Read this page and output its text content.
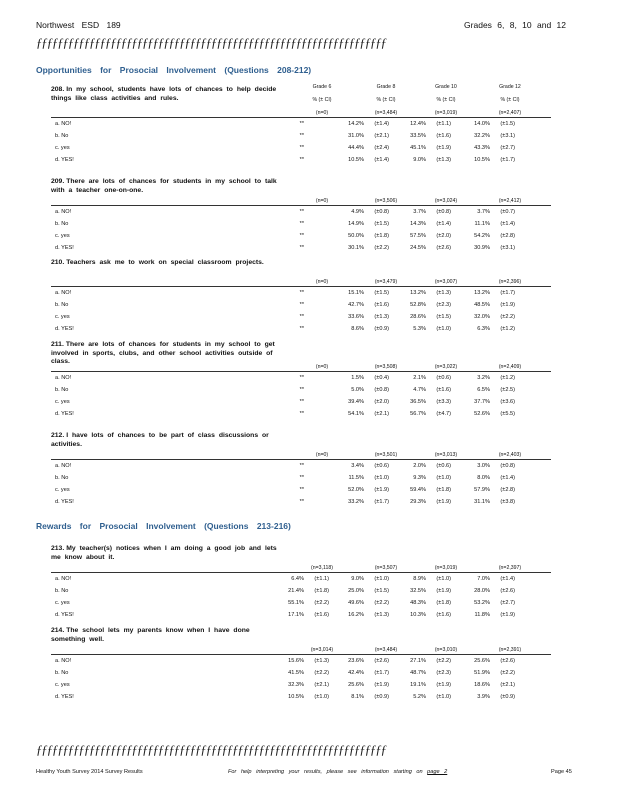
Northwest ESD 189	Grades 6, 8, 10 and 12
ƒƒƒƒƒƒƒƒƒƒƒƒƒƒƒƒƒƒƒƒƒƒƒƒƒƒƒƒƒƒƒƒƒƒƒƒƒƒƒƒƒƒƒƒƒƒƒƒƒƒƒƒƒƒƒƒƒƒƒƒƒƒƒƒƒƒ
Opportunities for Prosocial Involvement (Questions 208-212)
208. In my school, students have lots of chances to help decide things like class activities and rules.
Grade 6
% (± CI)
Grade 8
% (± CI)
Grade 10
% (± CI)
Grade 12
% (± CI)
(n=0)	(n=3,484)	(n=3,019)	(n=2,407)
a. NO!	**	14.2% (±1.4)	12.4% (±1.1)	14.0% (±1.5)
b. No	**	31.0% (±2.1)	33.5% (±1.6)	32.2% (±3.1)
c. yes	**	44.4% (±2.4)	45.1% (±1.9)	43.3% (±2.7)
d. YES!	**	10.5% (±1.4)	9.0% (±1.3)	10.5% (±1.7)
209. There are lots of chances for students in my school to talk with a teacher one-on-one.
(n=0)	(n=3,506)	(n=3,024)	(n=2,412)
a. NO!	**	4.9% (±0.8)	3.7% (±0.8)	3.7% (±0.7)
b. No	**	14.9% (±1.5)	14.3% (±1.4)	11.1% (±1.4)
c. yes	**	50.0% (±1.8)	57.5% (±2.0)	54.2% (±2.8)
d. YES!	**	30.1% (±2.2)	24.5% (±2.6)	30.9% (±3.1)
210. Teachers ask me to work on special classroom projects.
(n=0)	(n=3,479)	(n=3,007)	(n=2,396)
a. NO!	**	15.1% (±1.5)	13.2% (±1.3)	13.2% (±1.7)
b. No	**	42.7% (±1.6)	52.8% (±2.3)	48.5% (±1.9)
c. yes	**	33.6% (±1.3)	28.6% (±1.5)	32.0% (±2.2)
d. YES!	**	8.6% (±0.9)	5.3% (±1.0)	6.3% (±1.2)
211. There are lots of chances for students in my school to get involved in sports, clubs, and other school activities outside of class.
(n=0)	(n=3,508)	(n=3,022)	(n=2,409)
a. NO!	**	1.5% (±0.4)	2.1% (±0.6)	3.2% (±1.2)
b. No	**	5.0% (±0.8)	4.7% (±1.6)	6.5% (±2.5)
c. yes	**	39.4% (±2.0)	36.5% (±3.3)	37.7% (±3.6)
d. YES!	**	54.1% (±2.1)	56.7% (±4.7)	52.6% (±5.5)
212. I have lots of chances to be part of class discussions or activities.
(n=0)	(n=3,501)	(n=3,013)	(n=2,403)
a. NO!	**	3.4% (±0.6)	2.0% (±0.6)	3.0% (±0.8)
b. No	**	11.5% (±1.0)	9.3% (±1.0)	8.0% (±1.4)
c. yes	**	52.0% (±1.9)	59.4% (±1.8)	57.9% (±2.8)
d. YES!	**	33.2% (±1.7)	29.3% (±1.9)	31.1% (±3.8)
Rewards for Prosocial Involvement (Questions 213-216)
213. My teacher(s) notices when I am doing a good job and lets me know about it.
(n=3,118)	(n=3,507)	(n=3,019)	(n=2,397)
a. NO!	6.4% (±1.1)	9.0% (±1.0)	8.9% (±1.0)	7.0% (±1.4)
b. No	21.4% (±1.8)	25.0% (±1.5)	32.5% (±1.9)	28.0% (±2.6)
c. yes	55.1% (±2.2)	49.6% (±2.2)	48.3% (±1.8)	53.2% (±2.7)
d. YES!	17.1% (±1.6)	16.2% (±1.3)	10.3% (±1.6)	11.8% (±1.9)
214. The school lets my parents know when I have done something well.
(n=3,014)	(n=3,484)	(n=3,010)	(n=2,391)
a. NO!	15.6% (±1.3)	23.6% (±2.6)	27.1% (±2.2)	25.6% (±2.6)
b. No	41.5% (±2.2)	42.4% (±1.7)	48.7% (±2.3)	51.9% (±2.2)
c. yes	32.3% (±2.1)	25.6% (±1.9)	19.1% (±1.9)	18.6% (±2.1)
d. YES!	10.5% (±1.0)	8.1% (±0.9)	5.2% (±1.0)	3.9% (±0.9)
ƒƒƒƒƒƒƒƒƒƒƒƒƒƒƒƒƒƒƒƒƒƒƒƒƒƒƒƒƒƒƒƒƒƒƒƒƒƒƒƒƒƒƒƒƒƒƒƒƒƒƒƒƒƒƒƒƒƒƒƒƒƒƒƒƒƒ
Healthy Youth Survey 2014 Survey Results	For help interpreting your results, please see information starting on page 2	Page 45
